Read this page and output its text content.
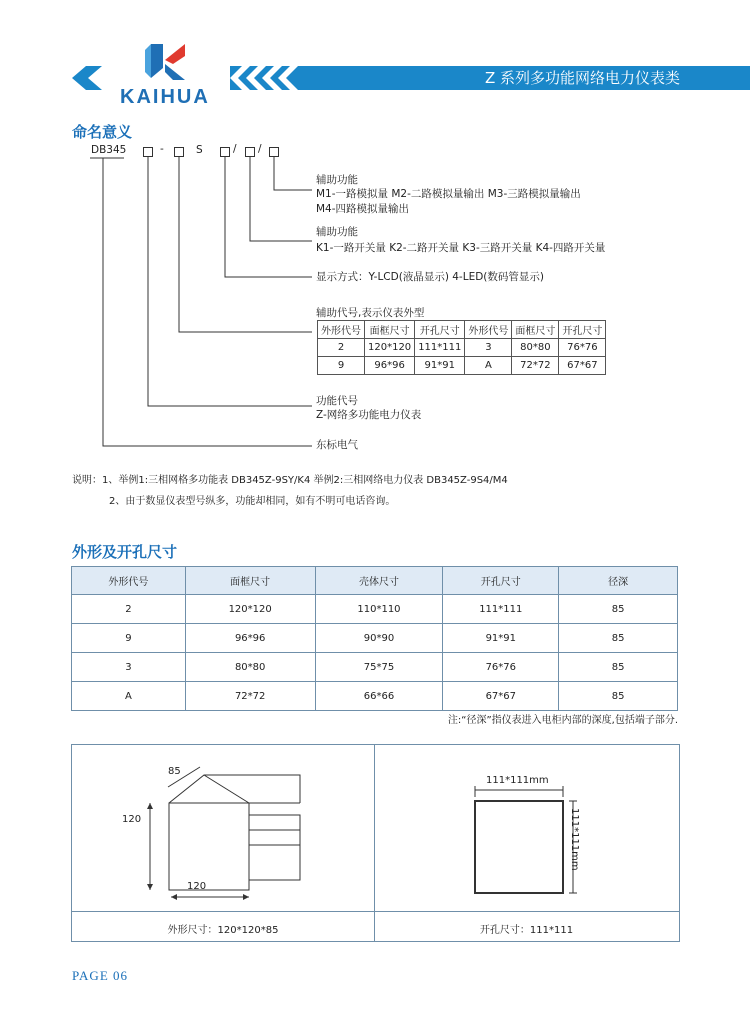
KAIHUA
Z 系列多功能网络电力仪表类
命名意义
DB345	-	S	/ /
辅助功能
M1-一路模拟量 M2-二路模拟量输出 M3-三路模拟量输出
M4-四路模拟量输出
辅助功能
K1-一路开关量 K2-二路开关量 K3-三路开关量 K4-四路开关量
显示方式：Y-LCD(液晶显示) 4-LED(数码管显示)
辅助代号,表示仪表外型
外形代号	面框尺寸	开孔尺寸	外形代号	面框尺寸	开孔尺寸
2	120*120	111*111	3	80*80	76*76
9	96*96	91*91	A	72*72	67*67
功能代号
Z-网络多功能电力仪表
东标电气
说明：1、举例1:三相网格多功能表 DB345Z-9SY/K4 举例2:三相网络电力仪表 DB345Z-9S4/M4
2、由于数显仪表型号纵多，功能却相同，如有不明可电话咨询。
外形及开孔尺寸
外形代号	面框尺寸	壳体尺寸	开孔尺寸	径深
2	120*120	110*110	111*111	85
9	96*96	90*90	91*91	85
3	80*80	75*75	76*76	85
A	72*72	66*66	67*67	85
注:“径深”指仪表进入电柜内部的深度,包括端子部分.
85
120
120
111*111mm
111*111mm
外形尺寸：120*120*85	开孔尺寸：111*111
PAGE 06
